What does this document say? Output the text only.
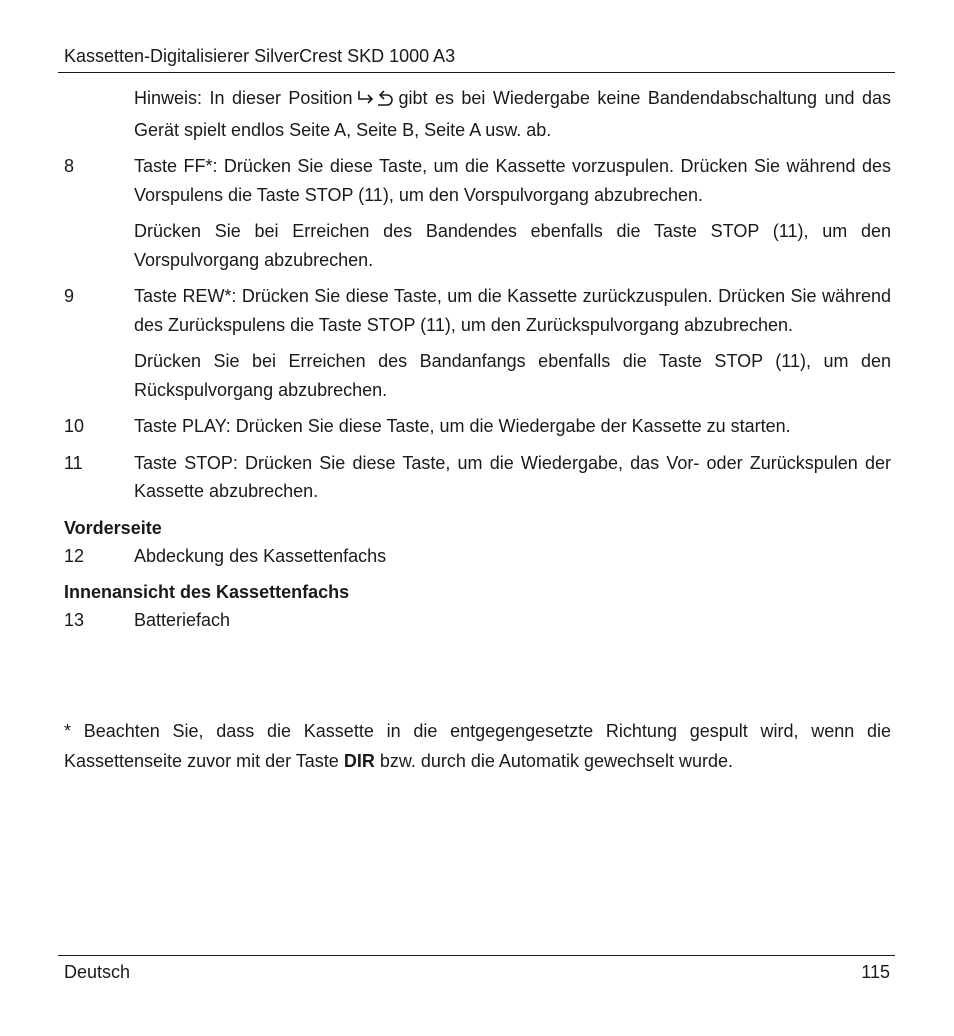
Kassetten-Digitalisierer SilverCrest SKD 1000 A3
Hinweis: In dieser Position	gibt es bei Wiedergabe keine Bandendabschaltung und das Gerät spielt endlos Seite A, Seite B, Seite A usw. ab.
8	Taste FF*: Drücken Sie diese Taste, um die Kassette vorzuspulen. Drücken Sie während des Vorspulens die Taste STOP (11), um den Vorspulvorgang abzubrechen.
Drücken Sie bei Erreichen des Bandendes ebenfalls die Taste STOP (11), um den Vorspulvorgang abzubrechen.
9	Taste REW*: Drücken Sie diese Taste, um die Kassette zurückzuspulen. Drücken Sie während des Zurückspulens die Taste STOP (11), um den Zurückspulvorgang abzubrechen.
Drücken Sie bei Erreichen des Bandanfangs ebenfalls die Taste STOP (11), um den Rückspulvorgang abzubrechen.
10	Taste PLAY: Drücken Sie diese Taste, um die Wiedergabe der Kassette zu starten.
11	Taste STOP: Drücken Sie diese Taste, um die Wiedergabe, das Vor- oder Zurückspulen der Kassette abzubrechen.
Vorderseite
12	Abdeckung des Kassettenfachs
Innenansicht des Kassettenfachs
13	Batteriefach
* Beachten Sie, dass die Kassette in die entgegengesetzte Richtung gespult wird, wenn die Kassettenseite zuvor mit der Taste DIR bzw. durch die Automatik gewechselt wurde.
Deutsch	115
